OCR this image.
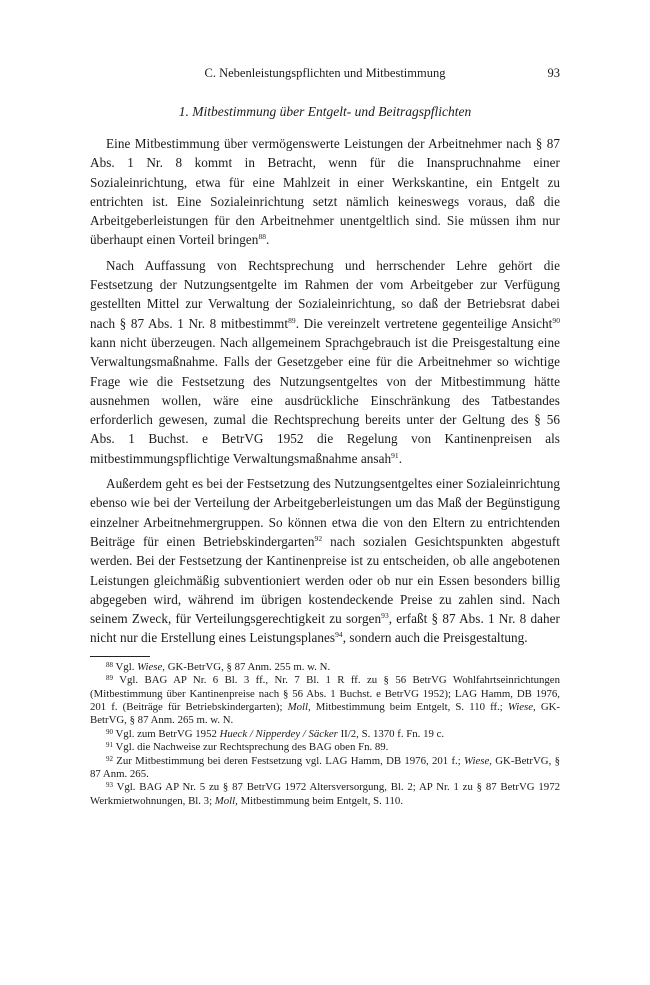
C. Nebenleistungspflichten und Mitbestimmung	93
1. Mitbestimmung über Entgelt- und Beitragspflichten

Eine Mitbestimmung über vermögenswerte Leistungen der Arbeitnehmer nach § 87 Abs. 1 Nr. 8 kommt in Betracht, wenn für die Inanspruchnahme einer Sozialeinrichtung, etwa für eine Mahlzeit in einer Werkskantine, ein Entgelt zu entrichten ist. Eine Sozialeinrichtung setzt nämlich keineswegs voraus, daß die Arbeitgeberleistungen für den Arbeitnehmer unentgeltlich sind. Sie müssen ihm nur überhaupt einen Vorteil bringen$^{88}$.

Nach Auffassung von Rechtsprechung und herrschender Lehre gehört die Festsetzung der Nutzungsentgelte im Rahmen der vom Arbeitgeber zur Verfügung gestellten Mittel zur Verwaltung der Sozialeinrichtung, so daß der Betriebsrat dabei nach § 87 Abs. 1 Nr. 8 mitbestimmt$^{89}$. Die vereinzelt vertretene gegenteilige Ansicht$^{90}$ kann nicht überzeugen. Nach allgemeinem Sprachgebrauch ist die Preisgestaltung eine Verwaltungsmaßnahme. Falls der Gesetzgeber eine für die Arbeitnehmer so wichtige Frage wie die Festsetzung des Nutzungsentgeltes von der Mitbestimmung hätte ausnehmen wollen, wäre eine ausdrückliche Einschränkung des Tatbestandes erforderlich gewesen, zumal die Rechtsprechung bereits unter der Geltung des § 56 Abs. 1 Buchst. e BetrVG 1952 die Regelung von Kantinenpreisen als mitbestimmungspflichtige Verwaltungsmaßnahme ansah$^{91}$.

Außerdem geht es bei der Festsetzung des Nutzungsentgeltes einer Sozialeinrichtung ebenso wie bei der Verteilung der Arbeitgeberleistungen um das Maß der Begünstigung einzelner Arbeitnehmergruppen. So können etwa die von den Eltern zu entrichtenden Beiträge für einen Betriebskindergarten$^{92}$ nach sozialen Gesichtspunkten abgestuft werden. Bei der Festsetzung der Kantinenpreise ist zu entscheiden, ob alle angebotenen Leistungen gleichmäßig subventioniert werden oder ob nur ein Essen besonders billig abgegeben wird, während im übrigen kostendeckende Preise zu zahlen sind. Nach seinem Zweck, für Verteilungsgerechtigkeit zu sorgen$^{93}$, erfaßt § 87 Abs. 1 Nr. 8 daher nicht nur die Erstellung eines Leistungsplanes$^{94}$, sondern auch die Preisgestaltung.

$^{88}$ Vgl. Wiese, GK-BetrVG, § 87 Anm. 255 m. w. N.

$^{89}$ Vgl. BAG AP Nr. 6 Bl. 3 ff., Nr. 7 Bl. 1 R ff. zu § 56 BetrVG Wohlfahrtseinrichtungen (Mitbestimmung über Kantinenpreise nach § 56 Abs. 1 Buchst. e BetrVG 1952); LAG Hamm, DB 1976, 201 f. (Beiträge für Betriebskindergarten); Moll, Mitbestimmung beim Entgelt, S. 110 ff.; Wiese, GK-BetrVG, § 87 Anm. 265 m. w. N.

$^{90}$ Vgl. zum BetrVG 1952 Hueck / Nipperdey / Säcker II/2, S. 1370 f. Fn. 19 c.

$^{91}$ Vgl. die Nachweise zur Rechtsprechung des BAG oben Fn. 89.

$^{92}$ Zur Mitbestimmung bei deren Festsetzung vgl. LAG Hamm, DB 1976, 201 f.; Wiese, GK-BetrVG, § 87 Anm. 265.

$^{93}$ Vgl. BAG AP Nr. 5 zu § 87 BetrVG 1972 Altersversorgung, Bl. 2; AP Nr. 1 zu § 87 BetrVG 1972 Werkmietwohnungen, Bl. 3; Moll, Mitbestimmung beim Entgelt, S. 110.
